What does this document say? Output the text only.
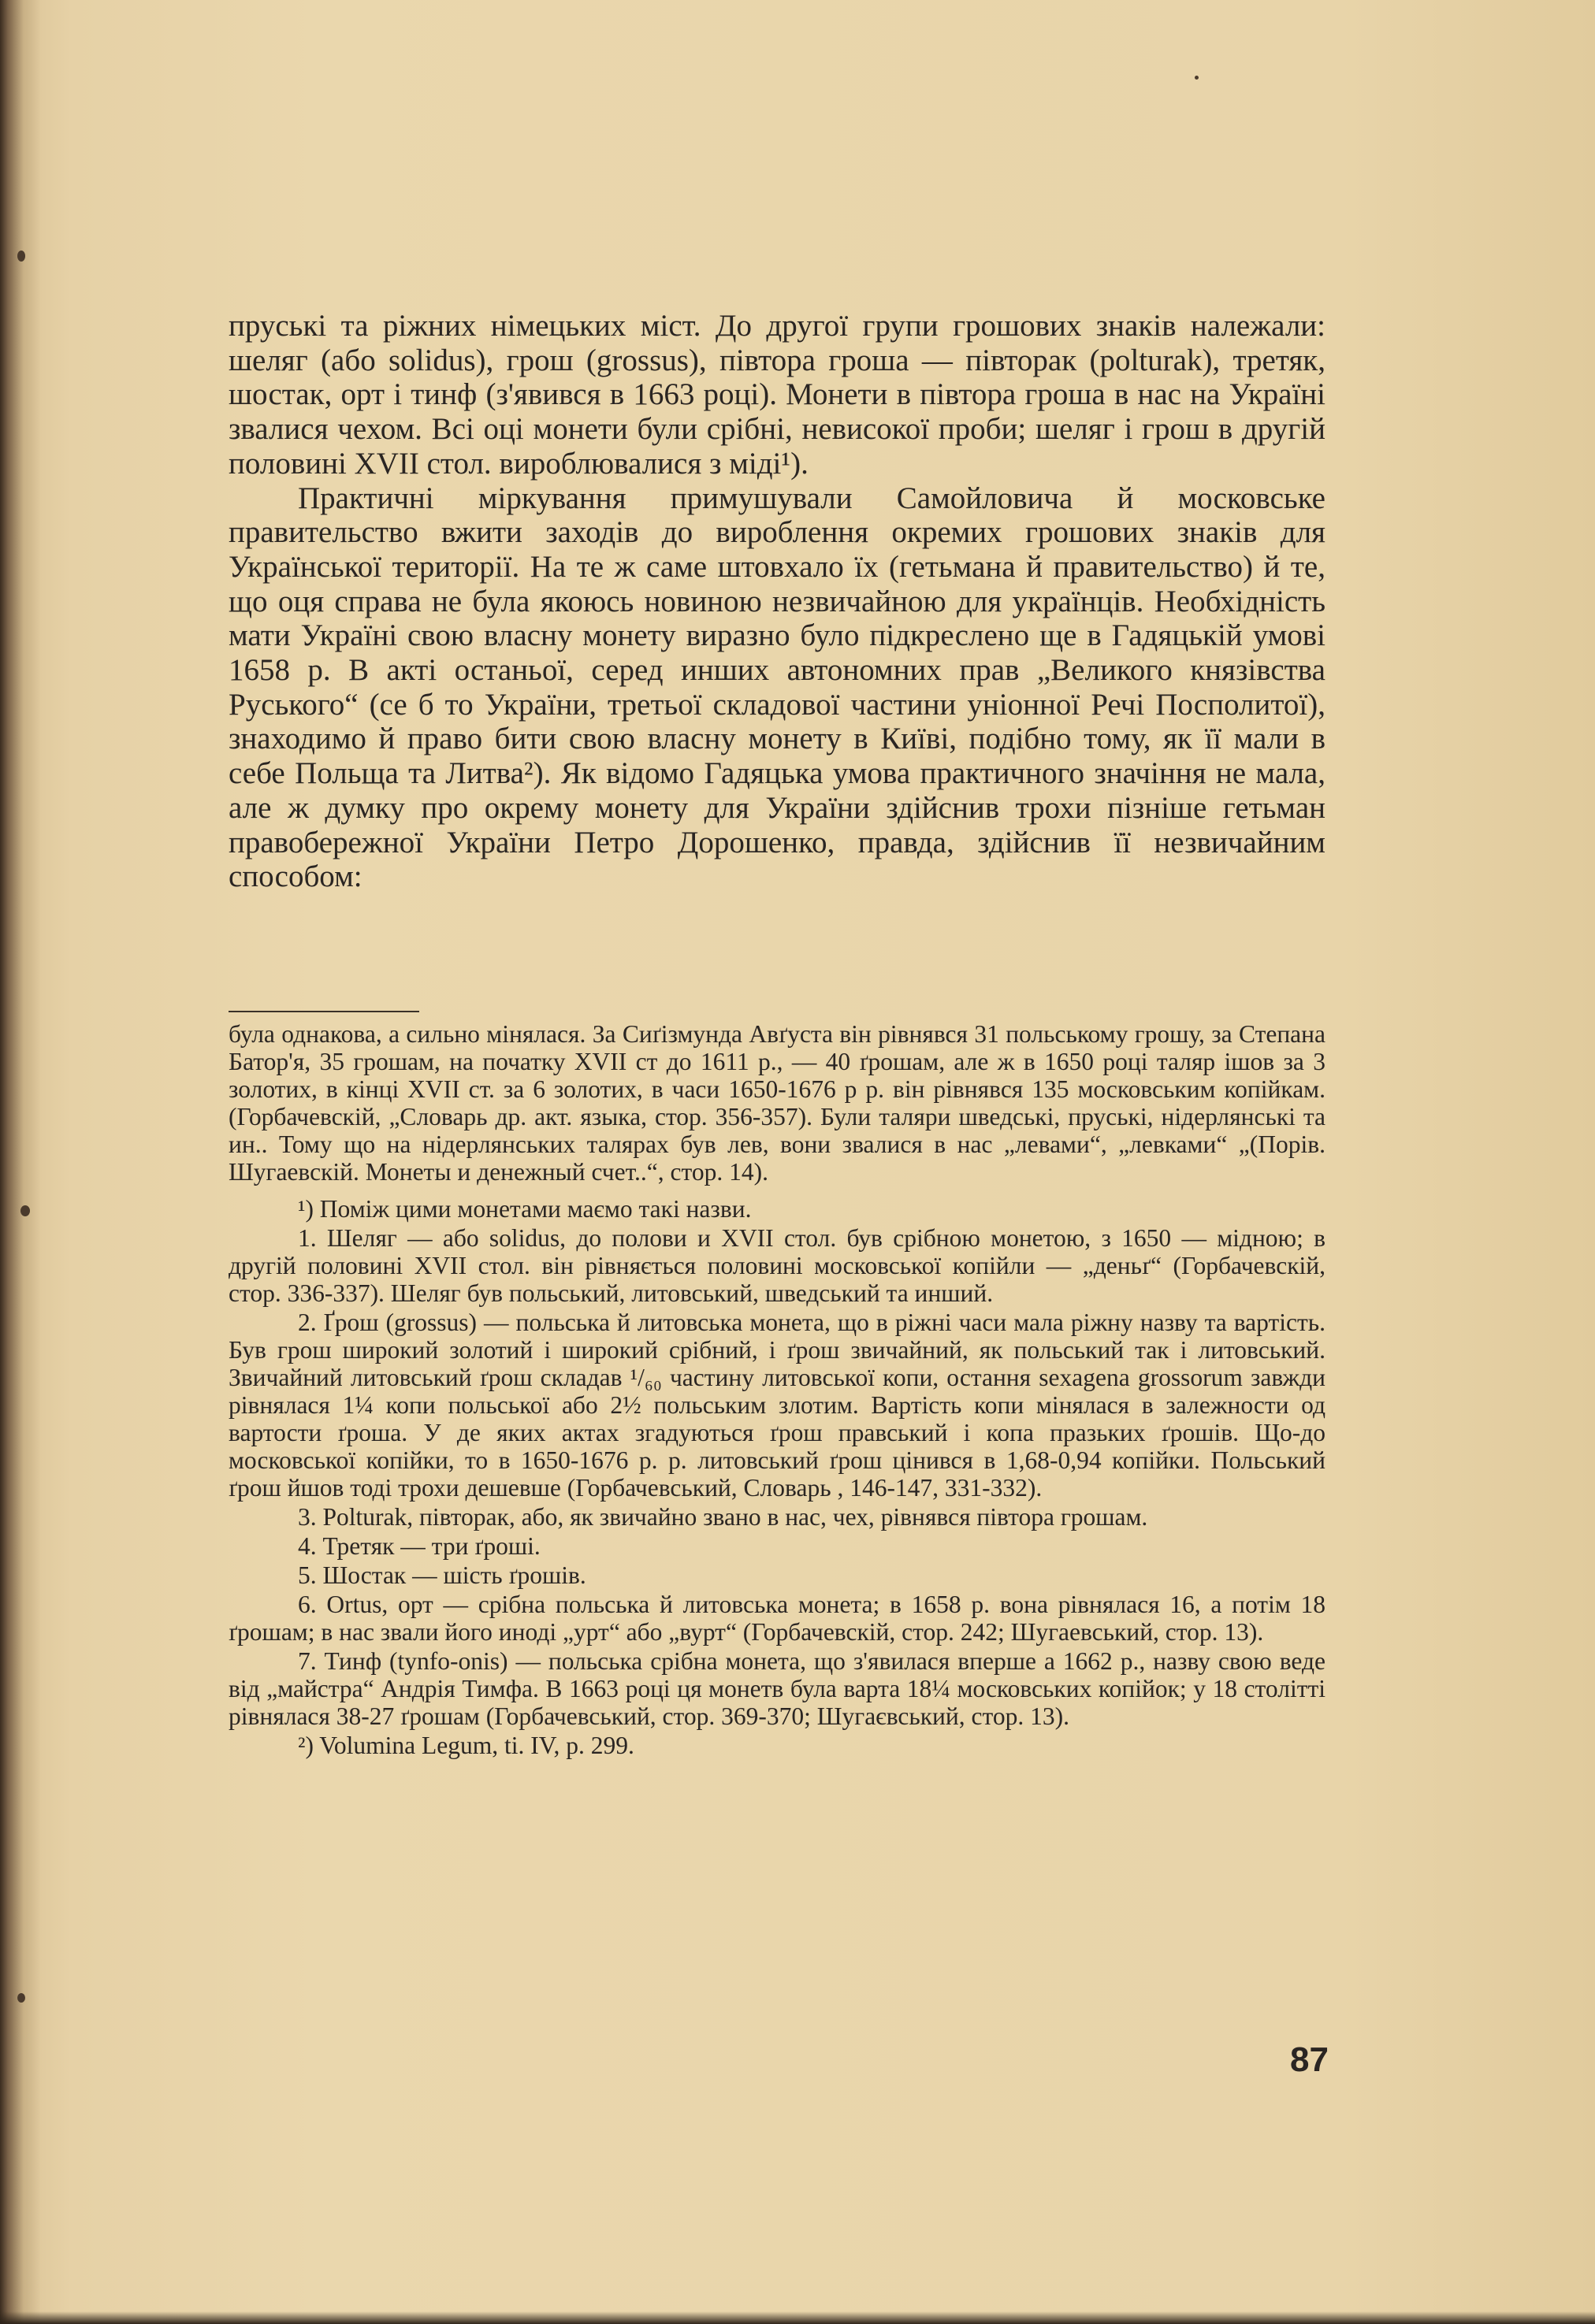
пруські та ріжних німецьких міст. До другої групи грошових знаків належали: шеляг (або solidus), грош (grossus), півтора гроша — півторак (polturak), третяк, шостак, орт і тинф (з'явився в 1663 році). Монети в півтора гроша в нас на Україні звалися чехом. Всі оці монети були срібні, невисокої проби; шеляг і грош в другій половині XVII стол. вироблювалися з міді¹).

Практичні міркування примушували Самойловича й московське правительство вжити заходів до вироблення окремих грошових знаків для Української території. На те ж саме штовхало їх (гетьмана й правительство) й те, що оця справа не була якоюсь новиною незвичайною для українців. Необхідність мати Україні свою власну монету виразно було підкреслено ще в Гадяцькій умові 1658 р. В акті останьої, серед инших автономних прав „Великого князівства Руського“ (се б то України, третьої складової частини уніонної Речі Посполитої), знаходимо й право бити свою власну монету в Київі, подібно тому, як її мали в себе Польща та Литва²). Як відомо Гадяцька умова практичного значіння не мала, але ж думку про окрему монету для України здійснив трохи пізніше гетьман правобережної України Петро Дорошенко, правда, здійснив її незвичайним способом:

була однакова, а сильно мінялася. За Сиґізмунда Авґуста він рівнявся 31 польському грошу, за Степана Батор'я, 35 грошам, на початку XVII ст до 1611 р., — 40 ґрошам, але ж в 1650 році таляр ішов за 3 золотих, в кінці XVII ст. за 6 золотих, в часи 1650-1676 р р. він рівнявся 135 московським копійкам. (Горбачевскій, „Словарь др. акт. языка, стор. 356-357). Були таляри шведські, пруські, нідерлянські та ин.. Тому що на нідерлянських талярах був лев, вони звалися в нас „левами“, „левками“ „(Порів. Шугаевскій. Монеты и денежный счет..“, стор. 14).

¹) Поміж цими монетами маємо такі назви.

1. Шеляг — або solidus, до полови и XVII стол. був срібною монетою, з 1650 — мідною; в другій половині XVII стол. він рівняється половині московської копійли — „деньґ“ (Горбачевскій, стор. 336-337). Шеляг був польський, литовський, шведський та инший.

2. Ґрош (grossus) — польська й литовська монета, що в ріжні часи мала ріжну назву та вартість. Був грош широкий золотий і широкий срібний, і ґрош звичайний, як польський так і литовський. Звичайний литовський ґрош складав ¹/₆₀ частину литовської копи, остання sexagena grossorum завжди рівнялася 1¼ копи польської або 2½ польським злотим. Вартість копи мінялася в залежности од вартости ґроша. У де яких актах згадуються ґрош правський і копа празьких ґрошів. Що-до московської копійки, то в 1650-1676 р. р. литовський ґрош цінився в 1,68-0,94 копійки. Польський ґрош йшов тоді трохи дешевше (Горбачевський, Словарь , 146-147, 331-332).

3. Polturak, півторак, або, як звичайно звано в нас, чех, рівнявся півтора грошам.

4. Третяк — три ґроші.

5. Шостак — шість ґрошів.

6. Ortus, орт — срібна польська й литовська монета; в 1658 р. вона рівнялася 16, а потім 18 ґрошам; в нас звали його иноді „урт“ або „вурт“ (Горбачевскій, стор. 242; Шугаевський, стор. 13).

7. Тинф (tynfo-onis) — польська срібна монета, що з'явилася вперше а 1662 р., назву свою веде від „майстра“ Андрія Тимфа. В 1663 році ця монетв була варта 18¼ московських копійок; у 18 столітті рівнялася 38-27 ґрошам (Горбачевський, стор. 369-370; Шугаєвський, стор. 13).

²) Volumina Legum, ti. IV, p. 299.

87
